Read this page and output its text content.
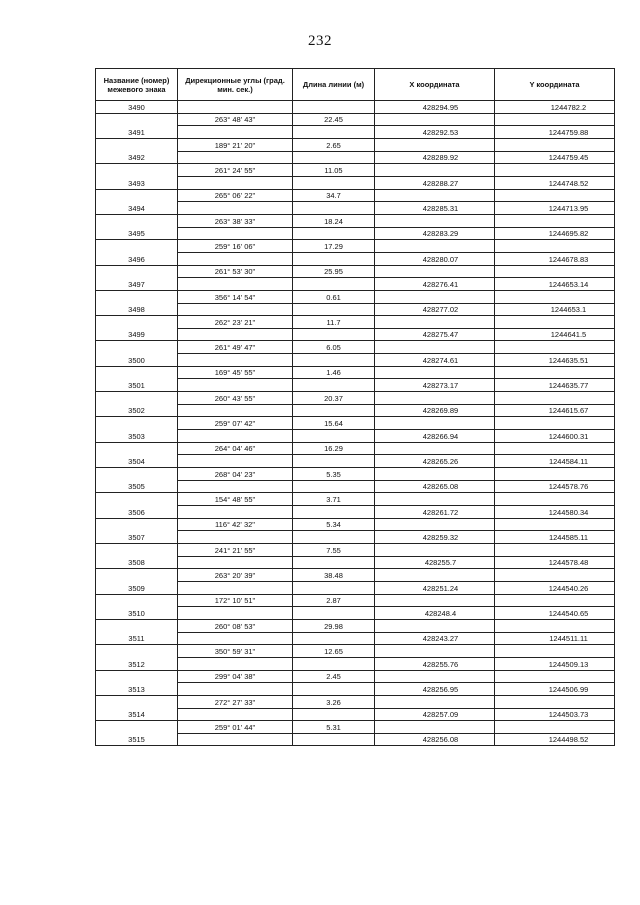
232
Название (номер) межевого знака	Дирекционные углы (град. мин. сек.)	Длина линии (м)	X координата	Y координата
3490			428294.95	1244782.2
	263° 48' 43"	22.45		
3491			428292.53	1244759.88
	189° 21' 20"	2.65		
3492			428289.92	1244759.45
	261° 24' 55"	11.05		
3493			428288.27	1244748.52
	265° 06' 22"	34.7		
3494			428285.31	1244713.95
	263° 38' 33"	18.24		
3495			428283.29	1244695.82
	259° 16' 06"	17.29		
3496			428280.07	1244678.83
	261° 53' 30"	25.95		
3497			428276.41	1244653.14
	356° 14' 54"	0.61		
3498			428277.02	1244653.1
	262° 23' 21"	11.7		
3499			428275.47	1244641.5
	261° 49' 47"	6.05		
3500			428274.61	1244635.51
	169° 45' 55"	1.46		
3501			428273.17	1244635.77
	260° 43' 55"	20.37		
3502			428269.89	1244615.67
	259° 07' 42"	15.64		
3503			428266.94	1244600.31
	264° 04' 46"	16.29		
3504			428265.26	1244584.11
	268° 04' 23"	5.35		
3505			428265.08	1244578.76
	154° 48' 55"	3.71		
3506			428261.72	1244580.34
	116° 42' 32"	5.34		
3507			428259.32	1244585.11
	241° 21' 55"	7.55		
3508			428255.7	1244578.48
	263° 20' 39"	38.48		
3509			428251.24	1244540.26
	172° 10' 51"	2.87		
3510			428248.4	1244540.65
	260° 08' 53"	29.98		
3511			428243.27	1244511.11
	350° 59' 31"	12.65		
3512			428255.76	1244509.13
	299° 04' 38"	2.45		
3513			428256.95	1244506.99
	272° 27' 33"	3.26		
3514			428257.09	1244503.73
	259° 01' 44"	5.31		
3515			428256.08	1244498.52
